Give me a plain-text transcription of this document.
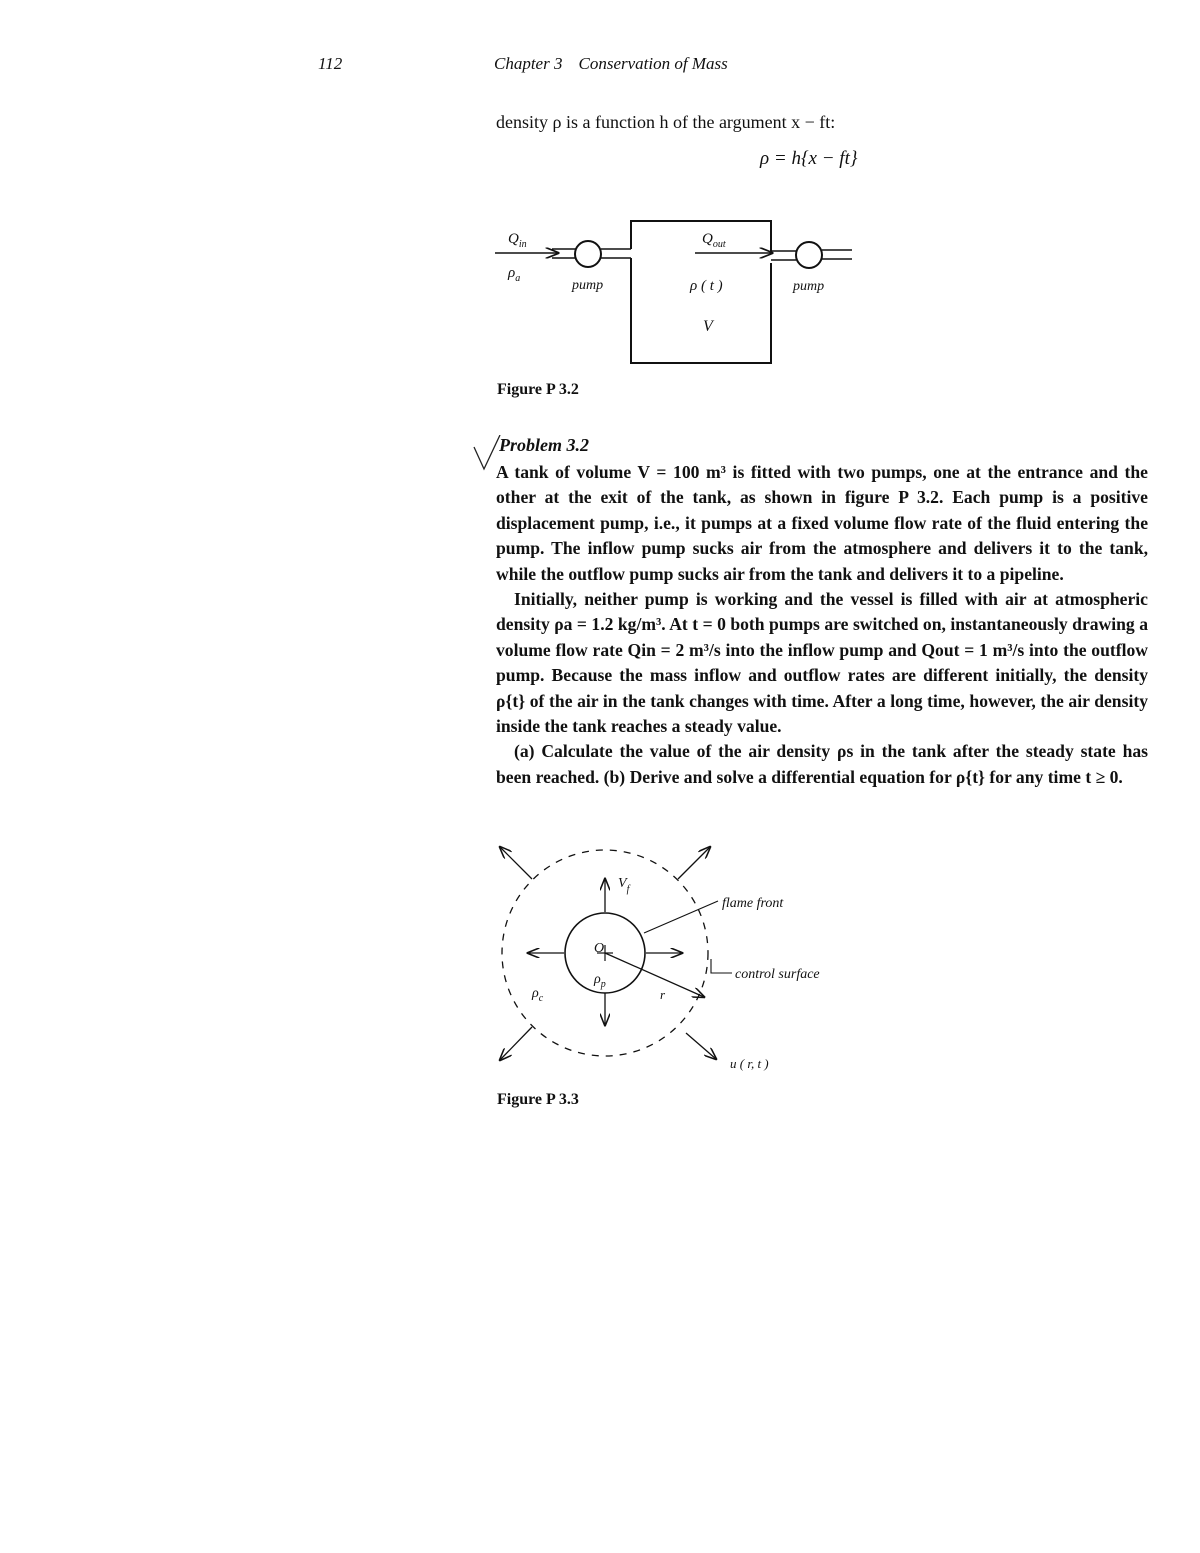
112	Chapter 3 Conservation of Mass
density ρ is a function h of the argument x − ft:
ρ = h{x − ft}
$Q_{in}$
$\rho_a$	pump
$Q_{out}$
ρ ( t )
V
pump
Figure P 3.2
Problem 3.2

A tank of volume V = 100 m³ is fitted with two pumps, one at the entrance and the other at the exit of the tank, as shown in figure P 3.2. Each pump is a positive displacement pump, i.e., it pumps at a fixed volume flow rate of the fluid entering the pump. The inflow pump sucks air from the atmosphere and delivers it to the tank, while the outflow pump sucks air from the tank and delivers it to a pipeline.

Initially, neither pump is working and the vessel is filled with air at atmospheric density ρa = 1.2 kg/m³. At t = 0 both pumps are switched on, instantaneously drawing a volume flow rate Qin = 2 m³/s into the inflow pump and Qout = 1 m³/s into the outflow pump. Because the mass inflow and outflow rates are different initially, the density ρ{t} of the air in the tank changes with time. After a long time, however, the air density inside the tank reaches a steady value.

(a) Calculate the value of the air density ρs in the tank after the steady state has been reached. (b) Derive and solve a differential equation for ρ{t} for any time t ≥ 0.

$V_f$
O
$\rho_p$
$\rho_c$	r
flame front
control surface
u ( r, t )
Figure P 3.3
